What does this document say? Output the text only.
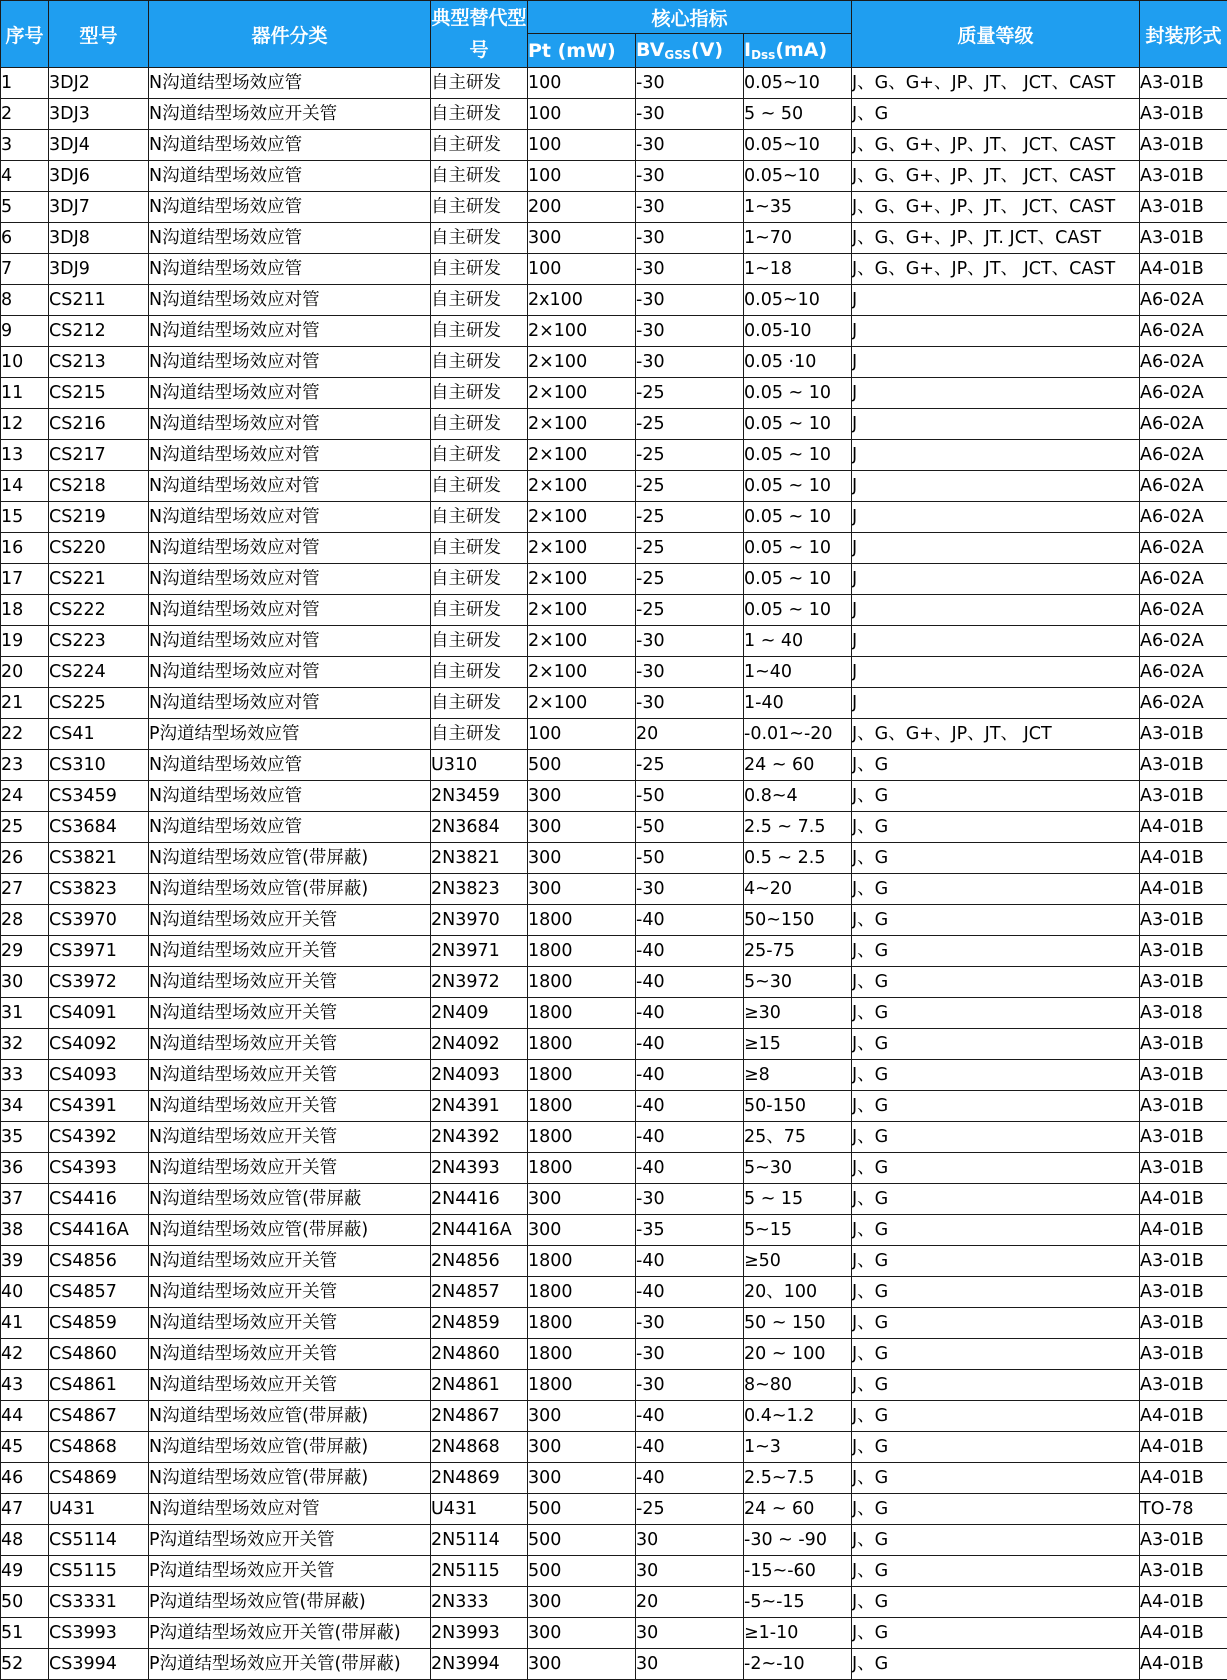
序号	型号	器件分类	典型替代型号	核心指标			质量等级	封装形式
				Pt (mW)	$BV_{GSS}(V)$	$I_{Dss}(mA)$		
1	3DJ2	N沟道结型场效应管	自主研发	100	-30	0.05~10	J、G、G+、JP、JT、 JCT、CAST	A3-01B
2	3DJ3	N沟道结型场效应开关管	自主研发	100	-30	5 ~ 50	J、G	A3-01B
3	3DJ4	N沟道结型场效应管	自主研发	100	-30	0.05~10	J、G、G+、JP、JT、 JCT、CAST	A3-01B
4	3DJ6	N沟道结型场效应管	自主研发	100	-30	0.05~10	J、G、G+、JP、JT、 JCT、CAST	A3-01B
5	3DJ7	N沟道结型场效应管	自主研发	200	-30	1~35	J、G、G+、JP、JT、 JCT、CAST	A3-01B
6	3DJ8	N沟道结型场效应管	自主研发	300	-30	1~70	J、G、G+、JP、JT. JCT、CAST	A3-01B
7	3DJ9	N沟道结型场效应管	自主研发	100	-30	1~18	J、G、G+、JP、JT、 JCT、CAST	A4-01B
8	CS211	N沟道结型场效应对管	自主研发	2x100	-30	0.05~10	J	A6-02A
9	CS212	N沟道结型场效应对管	自主研发	2×100	-30	0.05-10	J	A6-02A
10	CS213	N沟道结型场效应对管	自主研发	2×100	-30	0.05 ·10	J	A6-02A
11	CS215	N沟道结型场效应对管	自主研发	2×100	-25	0.05 ~ 10	J	A6-02A
12	CS216	N沟道结型场效应对管	自主研发	2×100	-25	0.05 ~ 10	J	A6-02A
13	CS217	N沟道结型场效应对管	自主研发	2×100	-25	0.05 ~ 10	J	A6-02A
14	CS218	N沟道结型场效应对管	自主研发	2×100	-25	0.05 ~ 10	J	A6-02A
15	CS219	N沟道结型场效应对管	自主研发	2×100	-25	0.05 ~ 10	J	A6-02A
16	CS220	N沟道结型场效应对管	自主研发	2×100	-25	0.05 ~ 10	J	A6-02A
17	CS221	N沟道结型场效应对管	自主研发	2×100	-25	0.05 ~ 10	J	A6-02A
18	CS222	N沟道结型场效应对管	自主研发	2×100	-25	0.05 ~ 10	J	A6-02A
19	CS223	N沟道结型场效应对管	自主研发	2×100	-30	1 ~ 40	J	A6-02A
20	CS224	N沟道结型场效应对管	自主研发	2×100	-30	1~40	J	A6-02A
21	CS225	N沟道结型场效应对管	自主研发	2×100	-30	1-40	J	A6-02A
22	CS41	P沟道结型场效应管	自主研发	100	20	-0.01~-20	J、G、G+、JP、JT、 JCT	A3-01B
23	CS310	N沟道结型场效应管	U310	500	-25	24 ~ 60	J、G	A3-01B
24	CS3459	N沟道结型场效应管	2N3459	300	-50	0.8~4	J、G	A3-01B
25	CS3684	N沟道结型场效应管	2N3684	300	-50	2.5 ~ 7.5	J、G	A4-01B
26	CS3821	N沟道结型场效应管(带屏蔽)	2N3821	300	-50	0.5 ~ 2.5	J、G	A4-01B
27	CS3823	N沟道结型场效应管(带屏蔽)	2N3823	300	-30	4~20	J、G	A4-01B
28	CS3970	N沟道结型场效应开关管	2N3970	1800	-40	50~150	J、G	A3-01B
29	CS3971	N沟道结型场效应开关管	2N3971	1800	-40	25-75	J、G	A3-01B
30	CS3972	N沟道结型场效应开关管	2N3972	1800	-40	5~30	J、G	A3-01B
31	CS4091	N沟道结型场效应开关管	2N409	1800	-40	≥30	J、G	A3-018
32	CS4092	N沟道结型场效应开关管	2N4092	1800	-40	≥15	J、G	A3-01B
33	CS4093	N沟道结型场效应开关管	2N4093	1800	-40	≥8	J、G	A3-01B
34	CS4391	N沟道结型场效应开关管	2N4391	1800	-40	50-150	J、G	A3-01B
35	CS4392	N沟道结型场效应开关管	2N4392	1800	-40	25、75	J、G	A3-01B
36	CS4393	N沟道结型场效应开关管	2N4393	1800	-40	5~30	J、G	A3-01B
37	CS4416	N沟道结型场效应管(带屏蔽	2N4416	300	-30	5 ~ 15	J、G	A4-01B
38	CS4416A	N沟道结型场效应管(带屏蔽)	2N4416A	300	-35	5~15	J、G	A4-01B
39	CS4856	N沟道结型场效应开关管	2N4856	1800	-40	≥50	J、G	A3-01B
40	CS4857	N沟道结型场效应开关管	2N4857	1800	-40	20、100	J、G	A3-01B
41	CS4859	N沟道结型场效应开关管	2N4859	1800	-30	50 ~ 150	J、G	A3-01B
42	CS4860	N沟道结型场效应开关管	2N4860	1800	-30	20 ~ 100	J、G	A3-01B
43	CS4861	N沟道结型场效应开关管	2N4861	1800	-30	8~80	J、G	A3-01B
44	CS4867	N沟道结型场效应管(带屏蔽)	2N4867	300	-40	0.4~1.2	J、G	A4-01B
45	CS4868	N沟道结型场效应管(带屏蔽)	2N4868	300	-40	1~3	J、G	A4-01B
46	CS4869	N沟道结型场效应管(带屏蔽)	2N4869	300	-40	2.5~7.5	J、G	A4-01B
47	U431	N沟道结型场效应对管	U431	500	-25	24 ~ 60	J、G	TO-78
48	CS5114	P沟道结型场效应开关管	2N5114	500	30	-30 ~ -90	J、G	A3-01B
49	CS5115	P沟道结型场效应开关管	2N5115	500	30	-15~-60	J、G	A3-01B
50	CS3331	P沟道结型场效应管(带屏蔽)	2N333	300	20	-5~-15	J、G	A4-01B
51	CS3993	P沟道结型场效应开关管(带屏蔽)	2N3993	300	30	≥1-10	J、G	A4-01B
52	CS3994	P沟道结型场效应开关管(带屏蔽)	2N3994	300	30	-2~-10	J、G	A4-01B
